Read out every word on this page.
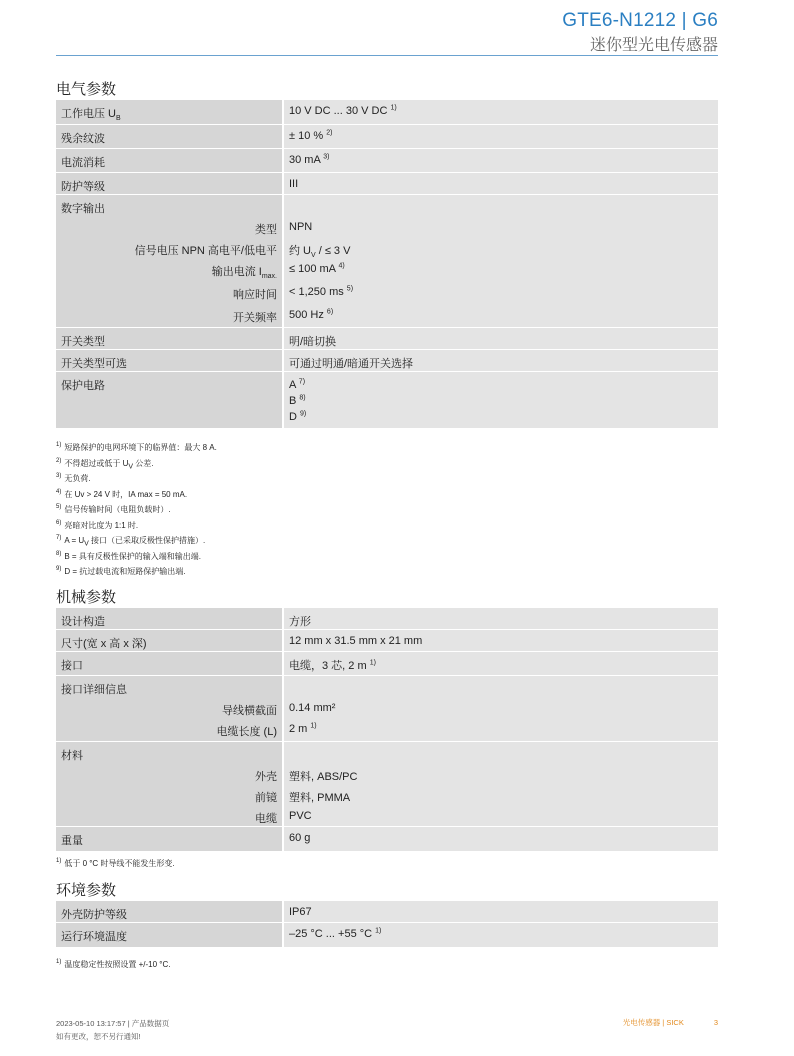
GTE6-N1212 | G6
迷你型光电传感器
电气参数
工作电压 $U_B$	10 V DC ... 30 V DC $^{1)}$
残余纹波	± 10 % $^{2)}$
电流消耗	30 mA $^{3)}$
防护等级	III
数字输出	
类型	NPN
信号电压 NPN 高电平/低电平	约 $U_V$ / ≤ 3 V
输出电流 $I_{max.}$	≤ 100 mA $^{4)}$
响应时间	< 1,250 ms $^{5)}$
开关频率	500 Hz $^{6)}$
开关类型	明/暗切换
开关类型可选	可通过明通/暗通开关选择
保护电路	A $^{7)}$
B $^{8)}$
D $^{9)}$
$^{1)}$ 短路保护的电网环境下的临界值：最大 8 A.
$^{2)}$ 不得超过或低于 $U_V$ 公差.
$^{3)}$ 无负荷.
$^{4)}$ 在 Uv > 24 V 时，IA max = 50 mA.
$^{5)}$ 信号传输时间（电阻负载时）.
$^{6)}$ 亮暗对比度为 1:1 时.
$^{7)}$ $A = U_V$ 接口（已采取反极性保护措施）.
$^{8)}$ B = 具有反极性保护的输入端和输出端.
$^{9)}$ D = 抗过载电流和短路保护输出端.
机械参数
设计构造	方形
尺寸(宽 x 高 x 深)	12 mm x 31.5 mm x 21 mm
接口	电缆，3 芯, 2 m $^{1)}$
接口详细信息	
导线横截面	0.14 mm²
电缆长度 (L)	2 m $^{1)}$
材料	
外壳	塑料, ABS/PC
前镜	塑料, PMMA
电缆	PVC
重量	60 g
$^{1)}$ 低于 0 °C 时导线不能发生形变.
环境参数
外壳防护等级	IP67
运行环境温度	–25 °C ... +55 °C $^{1)}$
$^{1)}$ 温度稳定性按照设置 +/-10 °C.
2023-05-10 13:17:57 | 产品数据页
如有更改，恕不另行通知!
光电传感器 | SICK	3
